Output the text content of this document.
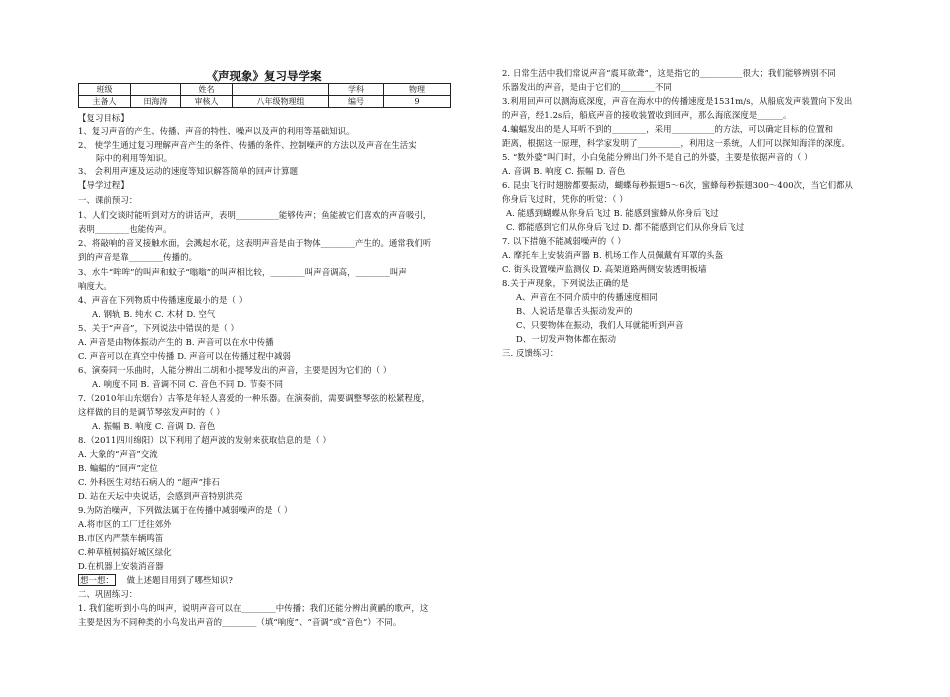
《声现象》复习导学案
班级		姓名		学科	物理
主备人	田海涛	审核人	八年级物理组	编号	9
【复习目标】
1、复习声音的产生、传播、声音的特性、噪声以及声的利用等基础知识。
2、 使学生通过复习理解声音产生的条件、传播的条件、控制噪声的方法以及声音在生活实
际中的利用等知识。
3、 会利用声速及运动的速度等知识解答简单的回声计算题
【导学过程】
一、课前预习：
1、人们交谈时能听到对方的讲话声，表明__________能够传声；鱼能被它们喜欢的声音吸引，
表明________也能传声。
2、将敲响的音叉接触水面，会溅起水花，这表明声音是由于物体________产生的。通常我们听
到的声音是靠________传播的。
3、水牛“哞哞”的叫声和蚊子“嗡嗡”的叫声相比较，________叫声音调高，________叫声
响度大。
4、声音在下列物质中传播速度最小的是（ ）
A. 钢轨 B. 纯水 C. 木材 D. 空气
5、关于“声音”，下列说法中错误的是（ ）
A. 声音是由物体振动产生的 B. 声音可以在水中传播
C. 声音可以在真空中传播 D. 声音可以在传播过程中减弱
6、演奏同一乐曲时，人能分辨出二胡和小提琴发出的声音，主要是因为它们的（ ）
A. 响度不同 B. 音调不同 C. 音色不同 D. 节奏不同
7.（2010年山东烟台）古筝是年轻人喜爱的一种乐器。在演奏前，需要调整琴弦的松紧程度，
这样做的目的是调节琴弦发声时的（ ）
A. 振幅 B. 响度 C. 音调 D. 音色
8.（2011四川绵阳）以下利用了超声波的发射来获取信息的是（ ）
A. 大象的“声音”交流
B. 蝙蝠的“回声”定位
C. 外科医生对结石病人的 “超声”排石
D. 站在天坛中央说话，会感到声音特别洪亮
9.为防治噪声，下列做法属于在传播中减弱噪声的是（ ）
A.将市区的工厂迁往郊外
B.市区内严禁车辆鸣笛
C.种草植树搞好城区绿化
D.在机器上安装消音器
想一想： 做上述题目用到了哪些知识?
二、巩固练习：
1. 我们能听到小鸟的叫声，说明声音可以在________中传播；我们还能分辨出黄鹂的歌声，这
主要是因为不同种类的小鸟发出声音的________（填“响度”、“音调”或“音色”）不同。
2. 日常生活中我们常说声音“震耳欲聋”，这是指它的__________很大；我们能够辨别不同
乐器发出的声音，是由于它们的________不同
3.利用回声可以测海底深度，声音在海水中的传播速度是1531m/s，从船底发声装置向下发出
的声音，经1.2s后，船底声音的接收装置收到回声，那么海底深度是______。
4.蝙蝠发出的是人耳听不到的________，采用__________的方法，可以确定目标的位置和
距离，根据这一原理，科学家发明了__________，利用这一系统，人们可以探知海洋的深度。
5. “数外婆”叫门时，小白兔能分辨出门外不是自己的外婆，主要是依据声音的（ ）
A. 音调 B. 响度 C. 振幅 D. 音色
6. 昆虫飞行时翅膀都要振动，蝴蝶每秒振翅5～6次，蜜蜂每秒振翅300～400次，当它们都从
你身后飞过时，凭你的听觉：（ ）
A. 能感到蝴蝶从你身后飞过 B. 能感到蜜蜂从你身后飞过
C. 都能感到它们从你身后飞过 D. 都不能感到它们从你身后飞过
7. 以下措施不能减弱噪声的（ ）
A. 摩托车上安装消声器 B. 机场工作人员佩戴有耳罩的头盔
C. 街头设置噪声监测仪 D. 高架道路两侧安装透明板墙
8.关于声现象，下列说法正确的是
A、声音在不同介质中的传播速度相同
B、人说话是靠舌头振动发声的
C、只要物体在振动，我们人耳就能听到声音
D、一切发声物体都在振动
三. 反馈练习：
